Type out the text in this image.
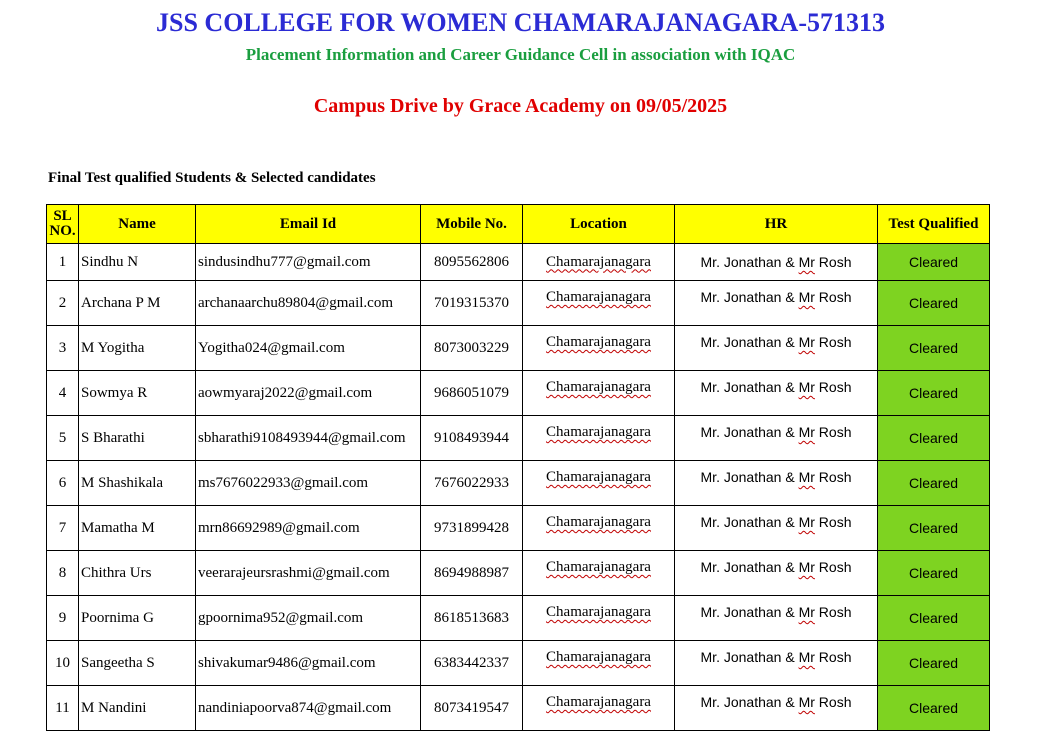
JSS COLLEGE FOR WOMEN CHAMARAJANAGARA-571313
Placement Information and Career Guidance Cell in association with IQAC
Campus Drive by Grace Academy on 09/05/2025
Final Test qualified Students & Selected candidates
SL
NO.	Name	Email Id	Mobile No.	Location	HR	Test Qualified
1	Sindhu N	sindusindhu777@gmail.com	8095562806	Chamarajanagara	Mr. Jonathan & Mr Rosh	Cleared
2	Archana P M	archanaarchu89804@gmail.com	7019315370	Chamarajanagara	Mr. Jonathan & Mr Rosh	Cleared
3	M Yogitha	Yogitha024@gmail.com	8073003229	Chamarajanagara	Mr. Jonathan & Mr Rosh	Cleared
4	Sowmya R	aowmyaraj2022@gmail.com	9686051079	Chamarajanagara	Mr. Jonathan & Mr Rosh	Cleared
5	S Bharathi	sbharathi9108493944@gmail.com	9108493944	Chamarajanagara	Mr. Jonathan & Mr Rosh	Cleared
6	M Shashikala	ms7676022933@gmail.com	7676022933	Chamarajanagara	Mr. Jonathan & Mr Rosh	Cleared
7	Mamatha M	mrn86692989@gmail.com	9731899428	Chamarajanagara	Mr. Jonathan & Mr Rosh	Cleared
8	Chithra Urs	veerarajeursrashmi@gmail.com	8694988987	Chamarajanagara	Mr. Jonathan & Mr Rosh	Cleared
9	Poornima G	gpoornima952@gmail.com	8618513683	Chamarajanagara	Mr. Jonathan & Mr Rosh	Cleared
10	Sangeetha S	shivakumar9486@gmail.com	6383442337	Chamarajanagara	Mr. Jonathan & Mr Rosh	Cleared
11	M Nandini	nandiniapoorva874@gmail.com	8073419547	Chamarajanagara	Mr. Jonathan & Mr Rosh	Cleared
